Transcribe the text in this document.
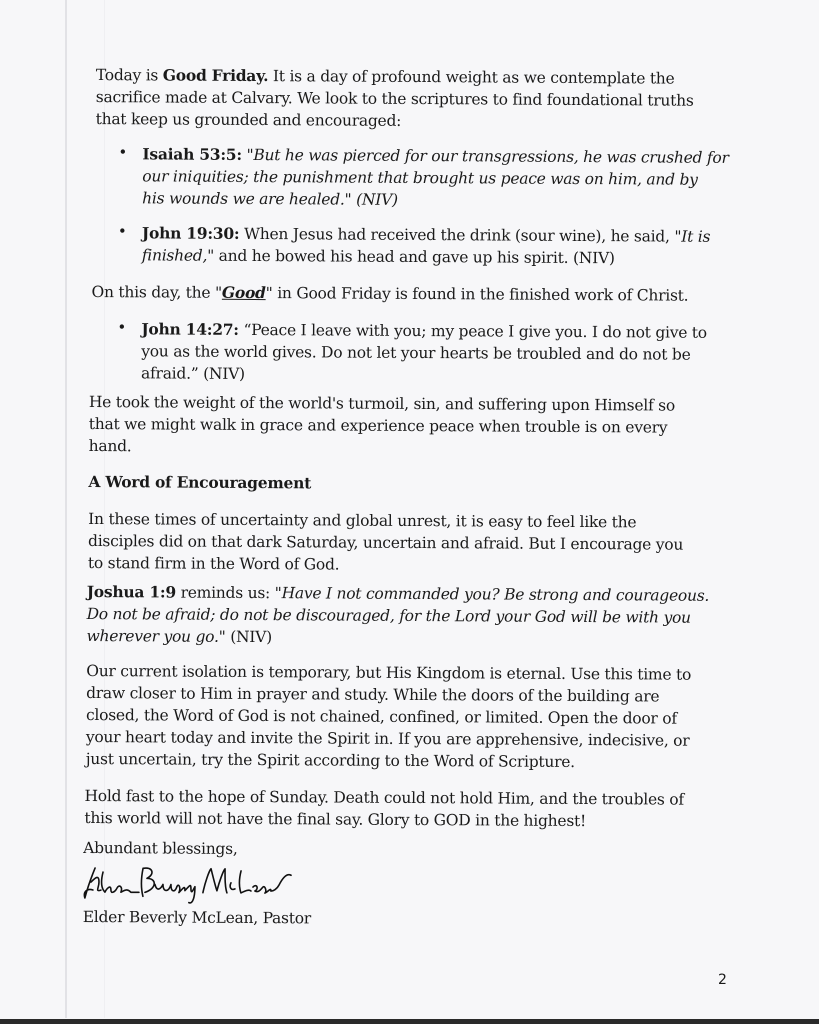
Today is Good Friday. It is a day of profound weight as we contemplate the
sacrifice made at Calvary. We look to the scriptures to find foundational truths
that keep us grounded and encouraged:
• Isaiah 53:5: "But he was pierced for our transgressions, he was crushed for
our iniquities; the punishment that brought us peace was on him, and by
his wounds we are healed." (NIV)
• John 19:30: When Jesus had received the drink (sour wine), he said, "It is
finished," and he bowed his head and gave up his spirit. (NIV)
On this day, the "Good" in Good Friday is found in the finished work of Christ.
• John 14:27: “Peace I leave with you; my peace I give you. I do not give to
you as the world gives. Do not let your hearts be troubled and do not be
afraid.” (NIV)
He took the weight of the world's turmoil, sin, and suffering upon Himself so
that we might walk in grace and experience peace when trouble is on every
hand.
A Word of Encouragement
In these times of uncertainty and global unrest, it is easy to feel like the
disciples did on that dark Saturday, uncertain and afraid. But I encourage you
to stand firm in the Word of God.
Joshua 1:9 reminds us: "Have I not commanded you? Be strong and courageous.
Do not be afraid; do not be discouraged, for the Lord your God will be with you
wherever you go." (NIV)
Our current isolation is temporary, but His Kingdom is eternal. Use this time to
draw closer to Him in prayer and study. While the doors of the building are
closed, the Word of God is not chained, confined, or limited. Open the door of
your heart today and invite the Spirit in. If you are apprehensive, indecisive, or
just uncertain, try the Spirit according to the Word of Scripture.
Hold fast to the hope of Sunday. Death could not hold Him, and the troubles of
this world will not have the final say. Glory to GOD in the highest!
Abundant blessings,
Elder Beverly McLean, Pastor
2
